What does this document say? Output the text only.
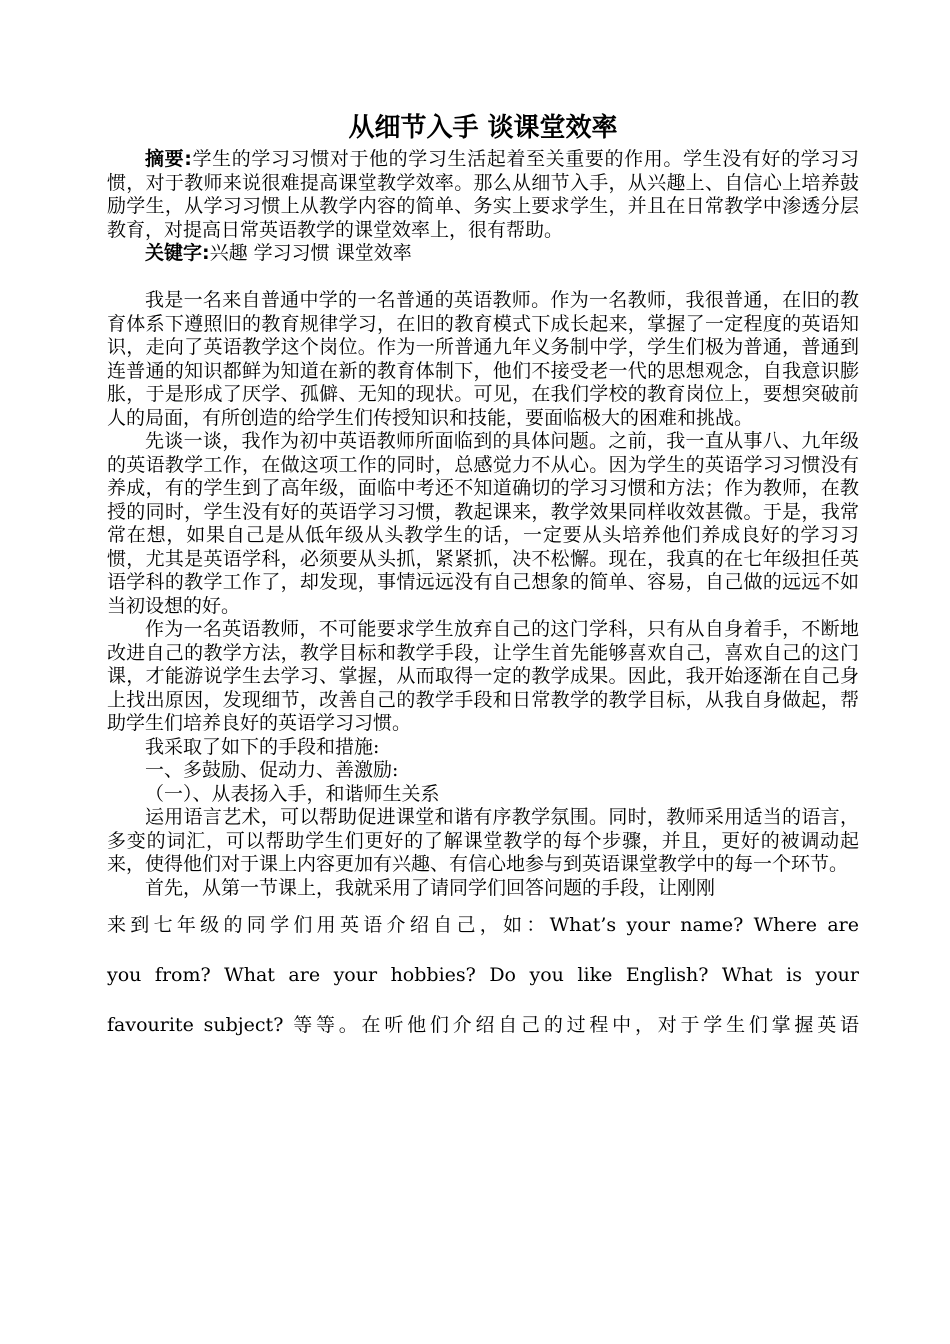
从细节入手 谈课堂效率

摘要:学生的学习习惯对于他的学习生活起着至关重要的作用。学生没有好的学习习惯，对于教师来说很难提高课堂教学效率。那么从细节入手，从兴趣上、自信心上培养鼓励学生，从学习习惯上从教学内容的简单、务实上要求学生，并且在日常教学中渗透分层教育，对提高日常英语教学的课堂效率上，很有帮助。

关键字:兴趣 学习习惯 课堂效率

我是一名来自普通中学的一名普通的英语教师。作为一名教师，我很普通，在旧的教育体系下遵照旧的教育规律学习，在旧的教育模式下成长起来，掌握了一定程度的英语知识，走向了英语教学这个岗位。作为一所普通九年义务制中学，学生们极为普通，普通到连普通的知识都鲜为知道在新的教育体制下，他们不接受老一代的思想观念，自我意识膨胀，于是形成了厌学、孤僻、无知的现状。可见，在我们学校的教育岗位上，要想突破前人的局面，有所创造的给学生们传授知识和技能，要面临极大的困难和挑战。

先谈一谈，我作为初中英语教师所面临到的具体问题。之前，我一直从事八、九年级的英语教学工作，在做这项工作的同时，总感觉力不从心。因为学生的英语学习习惯没有养成，有的学生到了高年级，面临中考还不知道确切的学习习惯和方法；作为教师，在教授的同时，学生没有好的英语学习习惯，教起课来，教学效果同样收效甚微。于是，我常常在想，如果自己是从低年级从头教学生的话，一定要从头培养他们养成良好的学习习惯，尤其是英语学科，必须要从头抓，紧紧抓，决不松懈。现在，我真的在七年级担任英语学科的教学工作了，却发现，事情远远没有自己想象的简单、容易，自己做的远远不如当初设想的好。

作为一名英语教师，不可能要求学生放弃自己的这门学科，只有从自身着手，不断地改进自己的教学方法，教学目标和教学手段，让学生首先能够喜欢自己，喜欢自己的这门课，才能游说学生去学习、掌握，从而取得一定的教学成果。因此，我开始逐渐在自己身上找出原因，发现细节，改善自己的教学手段和日常教学的教学目标，从我自身做起，帮助学生们培养良好的英语学习习惯。

我采取了如下的手段和措施:

一、多鼓励、促动力、善激励:

（一）、从表扬入手，和谐师生关系

运用语言艺术，可以帮助促进课堂和谐有序教学氛围。同时，教师采用适当的语言，多变的词汇，可以帮助学生们更好的了解课堂教学的每个步骤，并且，更好的被调动起来，使得他们对于课上内容更加有兴趣、有信心地参与到英语课堂教学中的每一个环节。

首先，从第一节课上，我就采用了请同学们回答问题的手段，让刚刚

来到七年级的同学们用英语介绍自己，如：What’s your name? Where are
you from? What are your hobbies? Do you like English? What is your
favourite subject? 等等。在听他们介绍自己的过程中，对于学生们掌握英语
